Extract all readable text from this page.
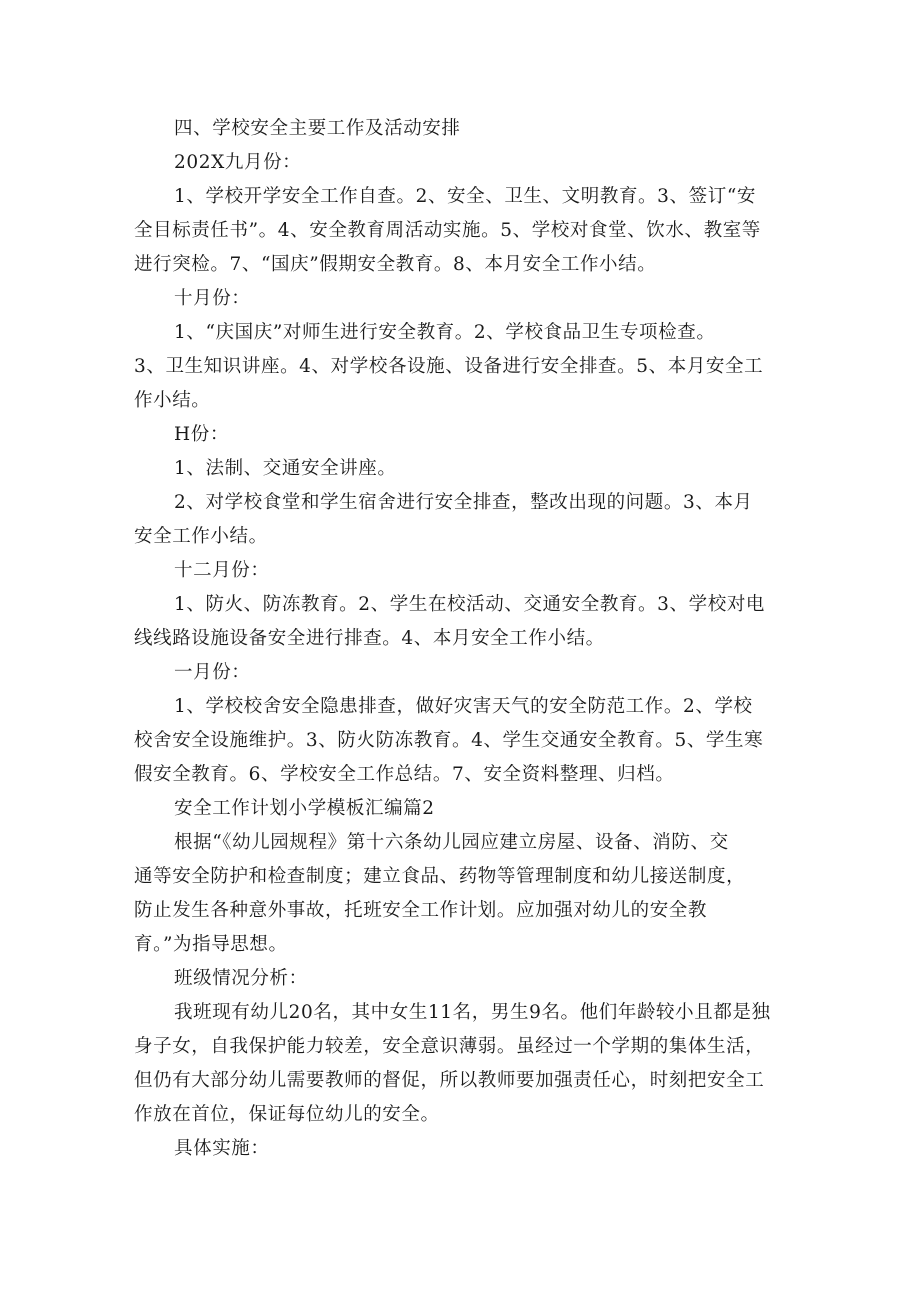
四、学校安全主要工作及活动安排
202X九月份：
1、学校开学安全工作自查。2、安全、卫生、文明教育。3、签订“安
全目标责任书”。4、安全教育周活动实施。5、学校对食堂、饮水、教室等
进行突检。7、“国庆”假期安全教育。8、本月安全工作小结。
十月份：
1、“庆国庆”对师生进行安全教育。2、学校食品卫生专项检查。
3、卫生知识讲座。4、对学校各设施、设备进行安全排查。5、本月安全工
作小结。
H份：
1、法制、交通安全讲座。
2、对学校食堂和学生宿舍进行安全排查，整改出现的问题。3、本月
安全工作小结。
十二月份：
1、防火、防冻教育。2、学生在校活动、交通安全教育。3、学校对电
线线路设施设备安全进行排查。4、本月安全工作小结。
一月份：
1、学校校舍安全隐患排查，做好灾害天气的安全防范工作。2、学校
校舍安全设施维护。3、防火防冻教育。4、学生交通安全教育。5、学生寒
假安全教育。6、学校安全工作总结。7、安全资料整理、归档。
安全工作计划小学模板汇编篇2
根据“《幼儿园规程》第十六条幼儿园应建立房屋、设备、消防、交
通等安全防护和检查制度；建立食品、药物等管理制度和幼儿接送制度，
防止发生各种意外事故，托班安全工作计划。应加强对幼儿的安全教
育。”为指导思想。
班级情况分析：
我班现有幼儿20名，其中女生11名，男生9名。他们年龄较小且都是独
身子女，自我保护能力较差，安全意识薄弱。虽经过一个学期的集体生活，
但仍有大部分幼儿需要教师的督促，所以教师要加强责任心，时刻把安全工
作放在首位，保证每位幼儿的安全。
具体实施：
